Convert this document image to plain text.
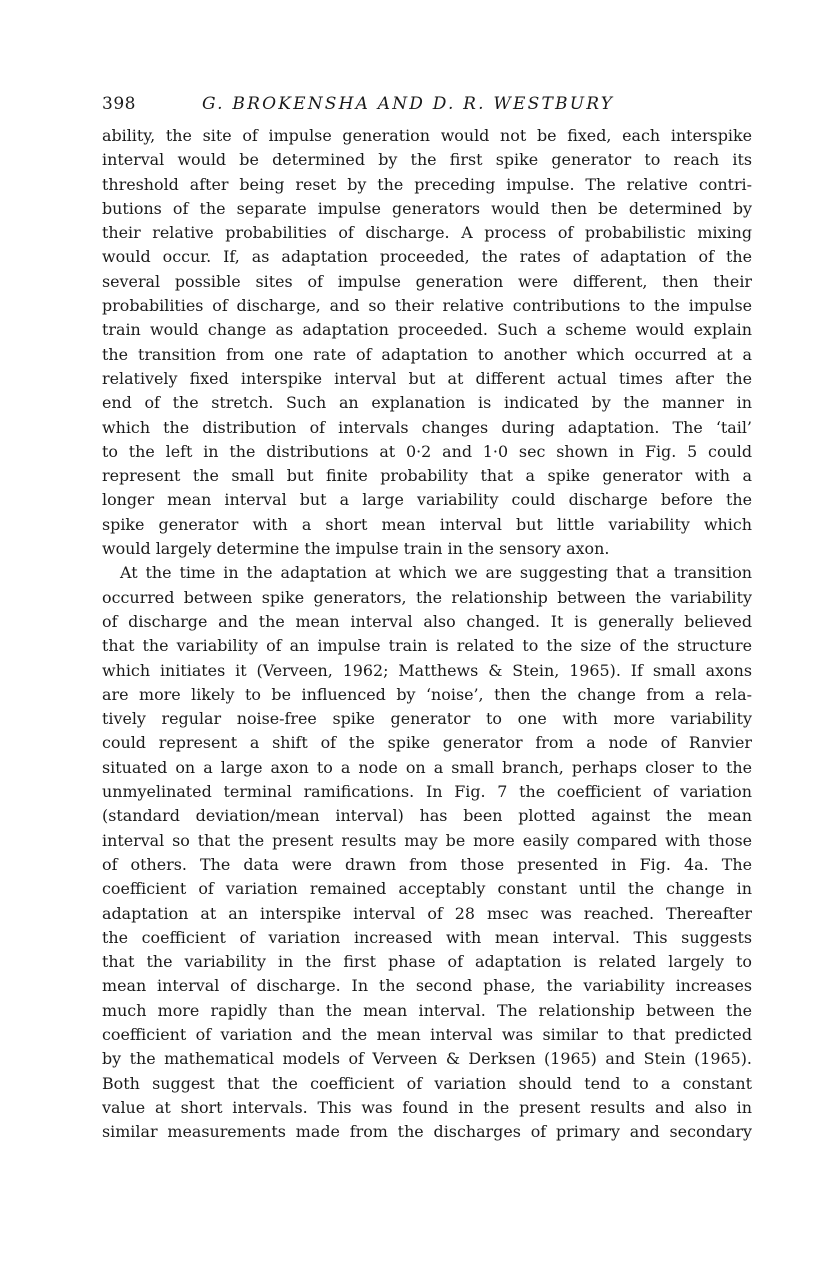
398	G. BROKENSHA AND D. R. WESTBURY
ability, the site of impulse generation would not be fixed, each interspike
interval would be determined by the first spike generator to reach its
threshold after being reset by the preceding impulse. The relative contri-
butions of the separate impulse generators would then be determined by
their relative probabilities of discharge. A process of probabilistic mixing
would occur. If, as adaptation proceeded, the rates of adaptation of the
several possible sites of impulse generation were different, then their
probabilities of discharge, and so their relative contributions to the impulse
train would change as adaptation proceeded. Such a scheme would explain
the transition from one rate of adaptation to another which occurred at a
relatively fixed interspike interval but at different actual times after the
end of the stretch. Such an explanation is indicated by the manner in
which the distribution of intervals changes during adaptation. The ‘tail’
to the left in the distributions at 0·2 and 1·0 sec shown in Fig. 5 could
represent the small but finite probability that a spike generator with a
longer mean interval but a large variability could discharge before the
spike generator with a short mean interval but little variability which
would largely determine the impulse train in the sensory axon.
At the time in the adaptation at which we are suggesting that a transition
occurred between spike generators, the relationship between the variability
of discharge and the mean interval also changed. It is generally believed
that the variability of an impulse train is related to the size of the structure
which initiates it (Verveen, 1962; Matthews & Stein, 1965). If small axons
are more likely to be influenced by ‘noise’, then the change from a rela-
tively regular noise-free spike generator to one with more variability
could represent a shift of the spike generator from a node of Ranvier
situated on a large axon to a node on a small branch, perhaps closer to the
unmyelinated terminal ramifications. In Fig. 7 the coefficient of variation
(standard deviation/mean interval) has been plotted against the mean
interval so that the present results may be more easily compared with those
of others. The data were drawn from those presented in Fig. 4a. The
coefficient of variation remained acceptably constant until the change in
adaptation at an interspike interval of 28 msec was reached. Thereafter
the coefficient of variation increased with mean interval. This suggests
that the variability in the first phase of adaptation is related largely to
mean interval of discharge. In the second phase, the variability increases
much more rapidly than the mean interval. The relationship between the
coefficient of variation and the mean interval was similar to that predicted
by the mathematical models of Verveen & Derksen (1965) and Stein (1965).
Both suggest that the coefficient of variation should tend to a constant
value at short intervals. This was found in the present results and also in
similar measurements made from the discharges of primary and secondary
